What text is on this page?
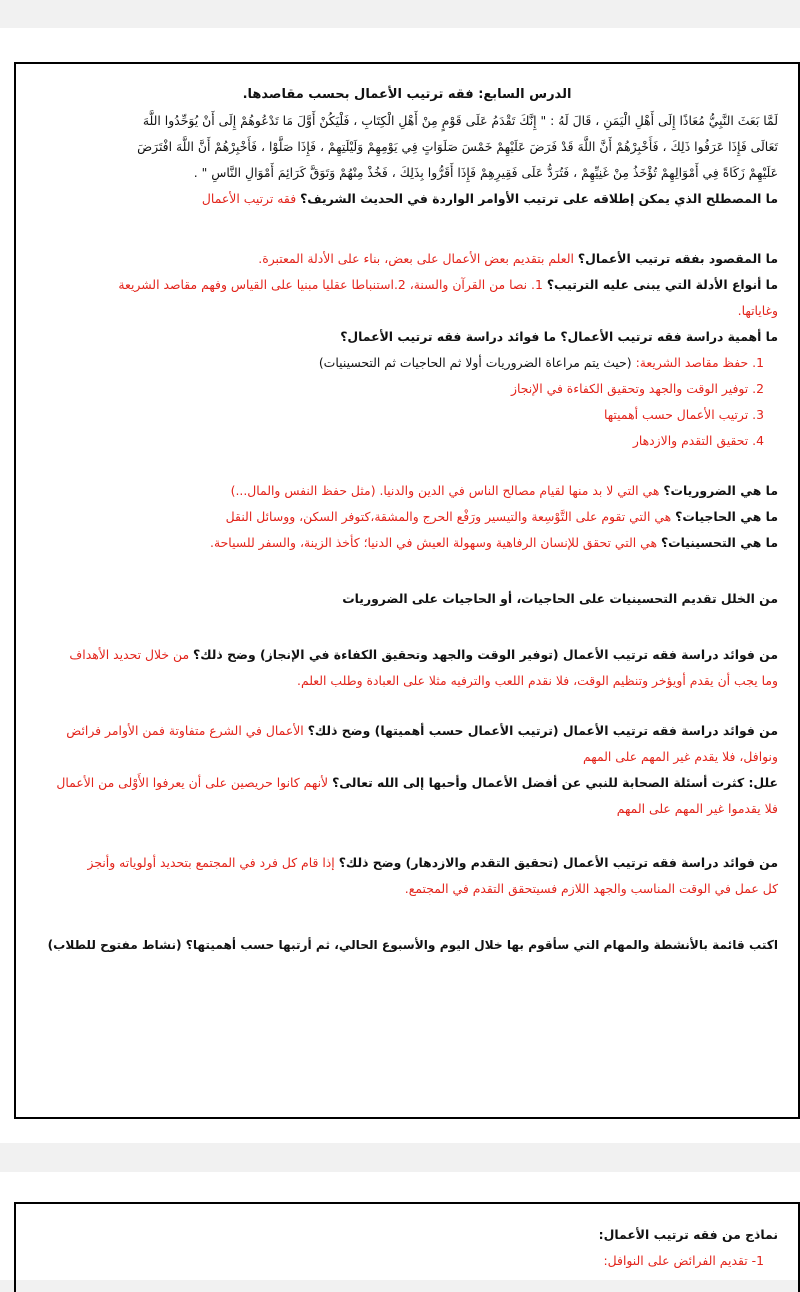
الدرس السابع: فقه ترتيب الأعمال بحسب مقاصدها.
لَمَّا بَعَثَ النَّبِيُّ مُعَاذًا إِلَى أَهْلِ الْيَمَنِ ، قَالَ لَهُ : " إِنَّكَ تَقْدَمُ عَلَى قَوْمٍ مِنْ أَهْلِ الْكِتَابِ ، فَلْيَكُنْ أَوَّلَ مَا تَدْعُوهُمْ إِلَى أَنْ يُوَحِّدُوا اللَّهَ
تَعَالَى فَإِذَا عَرَفُوا ذَلِكَ ، فَأَخْبِرْهُمْ أَنَّ اللَّهَ قَدْ فَرَضَ عَلَيْهِمْ خَمْسَ صَلَوَاتٍ فِي يَوْمِهِمْ وَلَيْلَتِهِمْ ، فَإِذَا صَلَّوْا ، فَأَخْبِرْهُمْ أَنَّ اللَّهَ افْتَرَضَ
عَلَيْهِمْ زَكَاةً فِي أَمْوَالِهِمْ تُؤْخَذُ مِنْ غَنِيِّهِمْ ، فَتُرَدُّ عَلَى فَقِيرِهِمْ فَإِذَا أَقَرُّوا بِذَلِكَ ، فَخُذْ مِنْهُمْ وَتَوَقَّ كَرَائِمَ أَمْوَالِ النَّاسِ " .
ما المصطلح الذي يمكن إطلاقه على ترتيب الأوامر الواردة في الحديث الشريف؟ فقه ترتيب الأعمال
ما المقصود بفقه ترتيب الأعمال؟ العلم بتقديم بعض الأعمال على بعض، بناء على الأدلة المعتبرة.
ما أنواع الأدلة التي يبنى عليه الترتيب؟ 1. نصا من القرآن والسنة، 2.استنباطا عقليا مبنيا على القياس وفهم مقاصد الشريعة
وغاياتها.
ما أهمية دراسة فقه ترتيب الأعمال؟ ما فوائد دراسة فقه ترتيب الأعمال؟
1. حفظ مقاصد الشريعة: (حيث يتم مراعاة الضروريات أولا ثم الحاجيات ثم التحسينيات)
2. توفير الوقت والجهد وتحقيق الكفاءة في الإنجاز
3. ترتيب الأعمال حسب أهميتها
4. تحقيق التقدم والازدهار
ما هي الضروريات؟ هي التي لا بد منها لقيام مصالح الناس في الدين والدنيا. (مثل حفظ النفس والمال...)
ما هي الحاجيات؟ هي التي تقوم على التَّوْسِعة والتيسير ورَفْع الحرج والمشقة،كتوفر السكن، ووسائل النقل
ما هي التحسينيات؟ هي التي تحقق للإنسان الرفاهية وسهولة العيش في الدنيا؛ كأخذ الزينة، والسفر للسياحة.
من الخلل تقديم التحسينيات على الحاجيات، أو الحاجيات على الضروريات
من فوائد دراسة فقه ترتيب الأعمال (توفير الوقت والجهد وتحقيق الكفاءة في الإنجاز) وضح ذلك؟ من خلال تحديد الأهداف
وما يجب أن يقدم أويؤخر وتنظيم الوقت، فلا نقدم اللعب والترفيه مثلا على العبادة وطلب العلم.
من فوائد دراسة فقه ترتيب الأعمال (ترتيب الأعمال حسب أهميتها) وضح ذلك؟ الأعمال في الشرع متفاوتة فمن الأوامر فرائض
ونوافل، فلا يقدم غير المهم على المهم
علل: كثرت أسئلة الصحابة للنبي عن أفضل الأعمال وأحبها إلى الله تعالى؟ لأنهم كانوا حريصين على أن يعرفوا الأَوْلى من الأعمال
فلا يقدموا غير المهم على المهم
من فوائد دراسة فقه ترتيب الأعمال (تحقيق التقدم والازدهار) وضح ذلك؟ إذا قام كل فرد في المجتمع بتحديد أولوياته وأنجز
كل عمل في الوقت المناسب والجهد اللازم فسيتحقق التقدم في المجتمع.
اكتب قائمة بالأنشطة والمهام التي سأقوم بها خلال اليوم والأسبوع الحالي، ثم أرتبها حسب أهميتها؟ (نشاط مفتوح للطلاب)
نماذج من فقه ترتيب الأعمال:
1- تقديم الفرائض على النوافل:
